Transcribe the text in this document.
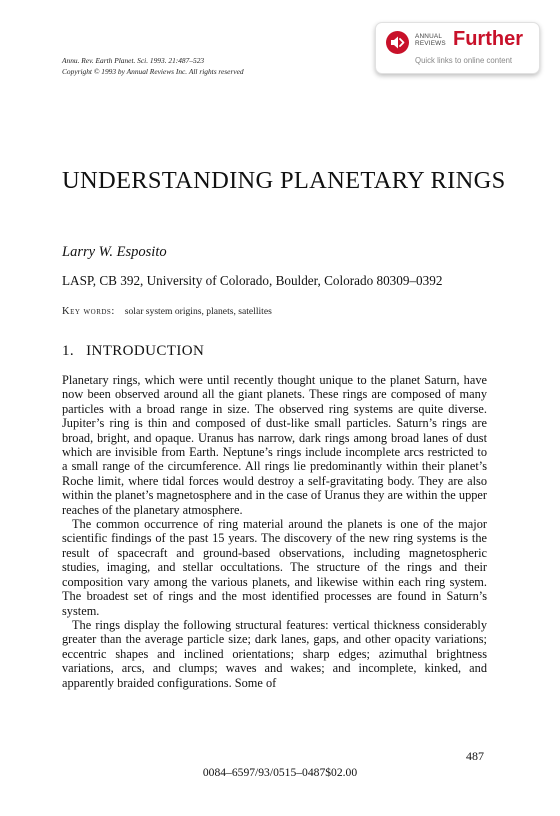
Annu. Rev. Earth Planet. Sci. 1993. 21:487–523
Copyright © 1993 by Annual Reviews Inc. All rights reserved
ANNUAL
REVIEWS Further
Quick links to online content
UNDERSTANDING PLANETARY RINGS
Larry W. Esposito
LASP, CB 392, University of Colorado, Boulder, Colorado 80309–0392
Key words: solar system origins, planets, satellites
1. INTRODUCTION

Planetary rings, which were until recently thought unique to the planet Saturn, have now been observed around all the giant planets. These rings are composed of many particles with a broad range in size. The observed ring systems are quite diverse. Jupiter’s ring is thin and composed of dust-like small particles. Saturn’s rings are broad, bright, and opaque. Uranus has narrow, dark rings among broad lanes of dust which are invisible from Earth. Neptune’s rings include incomplete arcs restricted to a small range of the circumference. All rings lie predominantly within their planet’s Roche limit, where tidal forces would destroy a self-gravitating body. They are also within the planet’s magnetosphere and in the case of Uranus they are within the upper reaches of the planetary atmosphere.

The common occurrence of ring material around the planets is one of the major scientific findings of the past 15 years. The discovery of the new ring systems is the result of spacecraft and ground-based observations, including magnetospheric studies, imaging, and stellar occultations. The structure of the rings and their composition vary among the various planets, and likewise within each ring system. The broadest set of rings and the most identified processes are found in Saturn’s system.

The rings display the following structural features: vertical thickness considerably greater than the average particle size; dark lanes, gaps, and other opacity variations; eccentric shapes and inclined orientations; sharp edges; azimuthal brightness variations, arcs, and clumps; waves and wakes; and incomplete, kinked, and apparently braided configurations. Some of

487
0084–6597/93/0515–0487$02.00
